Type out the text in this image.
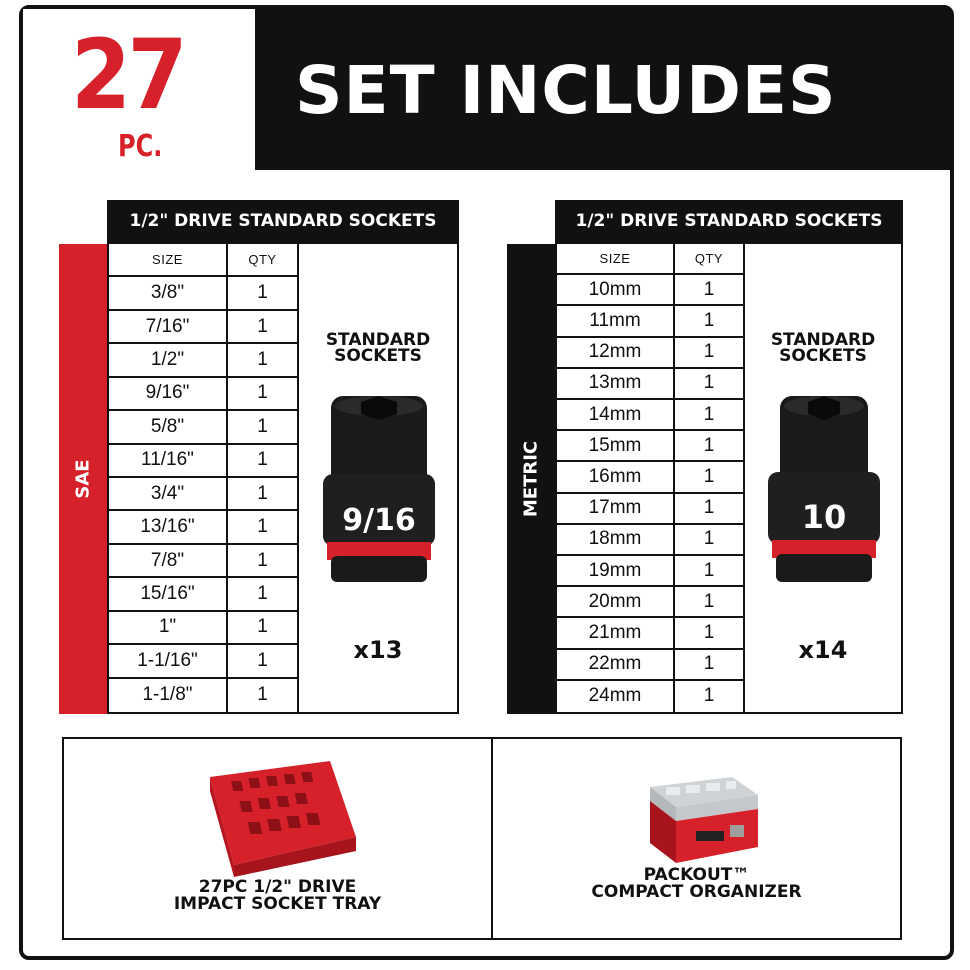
27
PC.
SET INCLUDES
SAE
1/2" DRIVE STANDARD SOCKETS
STANDARD
SOCKETS
9/16
x13
SIZE	QTY
3/8"	1
7/16"	1
1/2"	1
9/16"	1
5/8"	1
11/16"	1
3/4"	1
13/16"	1
7/8"	1
15/16"	1
1"	1
1-1/16"	1
1-1/8"	1
METRIC
1/2" DRIVE STANDARD SOCKETS
STANDARD
SOCKETS
10
x14
SIZE	QTY
10mm	1
11mm	1
12mm	1
13mm	1
14mm	1
15mm	1
16mm	1
17mm	1
18mm	1
19mm	1
20mm	1
21mm	1
22mm	1
24mm	1
27PC 1/2" DRIVE
IMPACT SOCKET TRAY
PACKOUT™
COMPACT ORGANIZER
